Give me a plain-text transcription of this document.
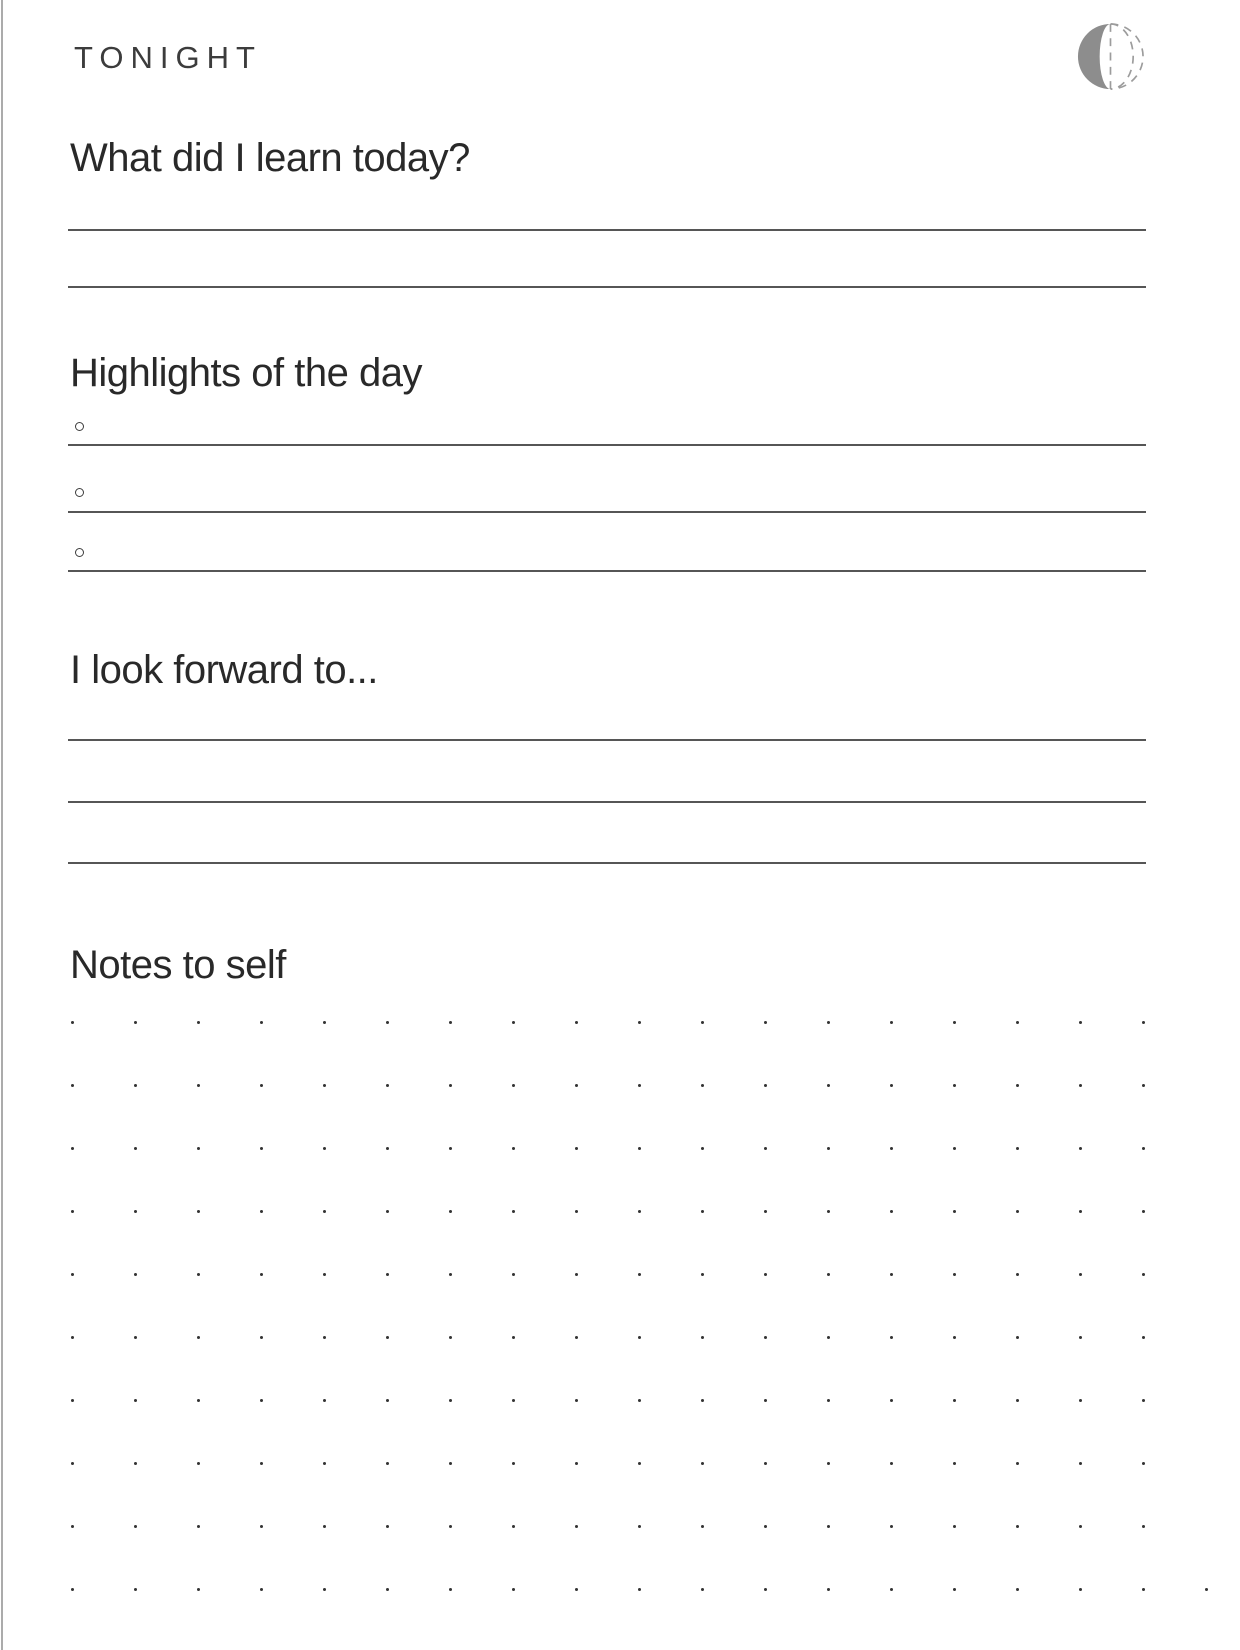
TONIGHT
What did I learn today?
Highlights of the day
I look forward to...
Notes to self
